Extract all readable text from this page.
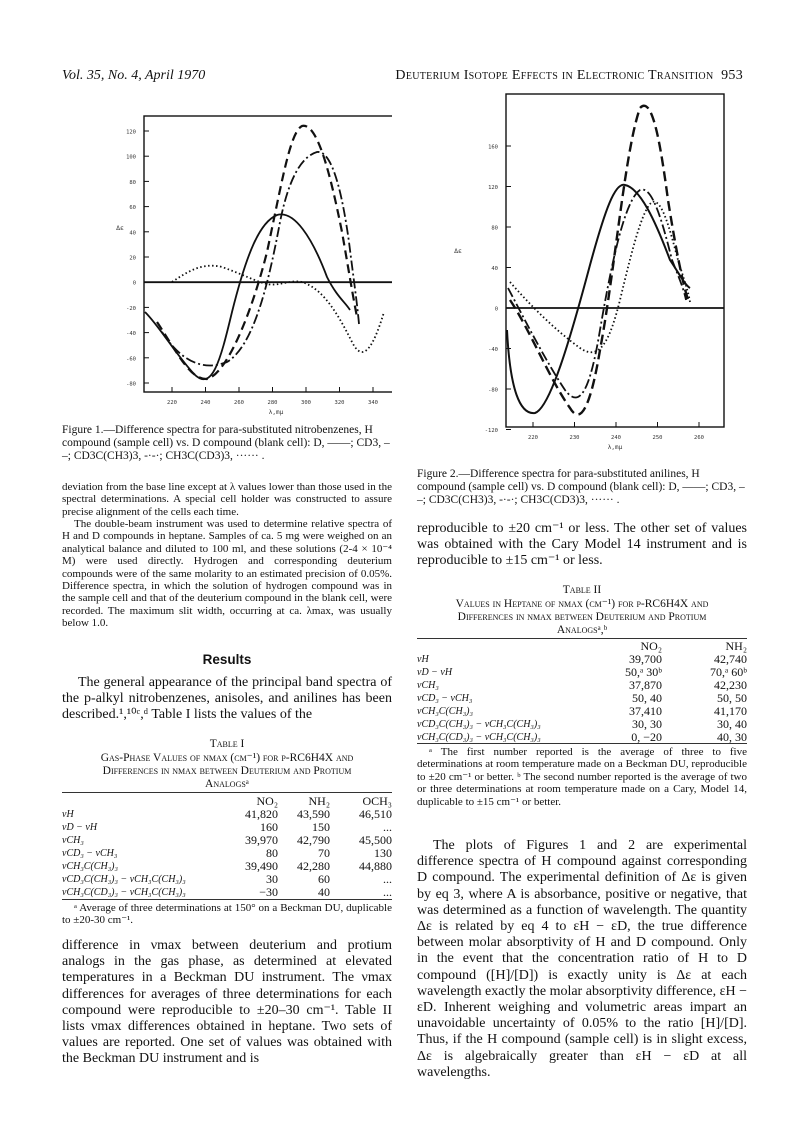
Vol. 35, No. 4, April 1970	Deuterium Isotope Effects in Electronic Transition 953
120
100
80
60
40
20
0
-20
-40
-60
-80
220	240	260	280	300	320	340
λ,mμ
Δε
Figure 1.—Difference spectra for para-substituted nitrobenzenes, H compound (sample cell) vs. D compound (blank cell): D, ——; CD3, – –; CD3C(CH3)3, -·-·; CH3C(CD3)3, ······ .
160
120
80
40
0
-40
-80
-120
220	230	240	250	260
λ,mμ
Δε
Figure 2.—Difference spectra for para-substituted anilines, H compound (sample cell) vs. D compound (blank cell): D, ——; CD3, – –; CD3C(CH3)3, -·-·; CH3C(CD3)3, ······ .
deviation from the base line except at λ values lower than those used in the spectral determinations. A special cell holder was constructed to assure precise alignment of the cells each time.
The double-beam instrument was used to determine relative spectra of H and D compounds in heptane. Samples of ca. 5 mg were weighed on an analytical balance and diluted to 100 ml, and these solutions (2-4 × 10⁻⁴ M) were used directly. Hydrogen and corresponding deuterium compounds were of the same molarity to an estimated precision of 0.05%. Difference spectra, in which the solution of hydrogen compound was in the sample cell and that of the deuterium compound in the blank cell, were recorded. The maximum slit width, occurring at ca. λmax, was usually below 1.0.
Results
The general appearance of the principal band spectra of the p-alkyl nitrobenzenes, anisoles, and anilines has been described.¹,¹⁰ᶜ,ᵈ Table I lists the values of the
Table I
Gas-Phase Values of νmax (cm⁻¹) for p-RC6H4X and Differences in νmax between Deuterium and Protium Analogsᵃ
	NO₂	NH₂	OCH₃
νH	41,820	43,590	46,510
νD − νH	160	150	...
νCH₃	39,970	42,790	45,500
νCD₃ − νCH₃	80	70	130
νCH₃C(CH₃)₃	39,490	42,280	44,880
νCD₃C(CH₃)₃ − νCH₃C(CH₃)₃	30	60	...
νCH₃C(CD₃)₃ − νCH₃C(CH₃)₃	−30	40	...
ᵃ Average of three determinations at 150° on a Beckman DU, duplicable to ±20-30 cm⁻¹.
difference in νmax between deuterium and protium analogs in the gas phase, as determined at elevated temperatures in a Beckman DU instrument. The νmax differences for averages of three determinations for each compound were reproducible to ±20–30 cm⁻¹. Table II lists νmax differences obtained in heptane. Two sets of values are reported. One set of values was obtained with the Beckman DU instrument and is
reproducible to ±20 cm⁻¹ or less. The other set of values was obtained with the Cary Model 14 instrument and is reproducible to ±15 cm⁻¹ or less.
Table II
Values in Heptane of νmax (cm⁻¹) for p-RC6H4X and Differences in νmax between Deuterium and Protium Analogsᵃ,ᵇ
	NO₂	NH₂
νH	39,700	42,740
νD − νH	50,ᵃ 30ᵇ	70,ᵃ 60ᵇ
νCH₃	37,870	42,230
νCD₃ − νCH₃	50, 40	50, 50
νCH₃C(CH₃)₃	37,410	41,170
νCD₃C(CH₃)₃ − νCH₃C(CH₃)₃	30, 30	30, 40
νCH₃C(CD₃)₃ − νCH₃C(CH₃)₃	0, −20	40, 30
ᵃ The first number reported is the average of three to five determinations at room temperature made on a Beckman DU, reproducible to ±20 cm⁻¹ or better. ᵇ The second number reported is the average of two or three determinations at room temperature made on a Cary, Model 14, duplicable to ±15 cm⁻¹ or better.
The plots of Figures 1 and 2 are experimental difference spectra of H compound against corresponding D compound. The experimental definition of Δε is given by eq 3, where A is absorbance, positive or negative, that was determined as a function of wavelength. The quantity Δε is related by eq 4 to εH − εD, the true difference between molar absorptivity of H and D compound. Only in the event that the concentration ratio of H to D compound ([H]/[D]) is exactly unity is Δε at each wavelength exactly the molar absorptivity difference, εH − εD. Inherent weighing and volumetric areas impart an unavoidable uncertainty of 0.05% to the ratio [H]/[D]. Thus, if the H compound (sample cell) is in slight excess, Δε is algebraically greater than εH − εD at all wavelengths.
